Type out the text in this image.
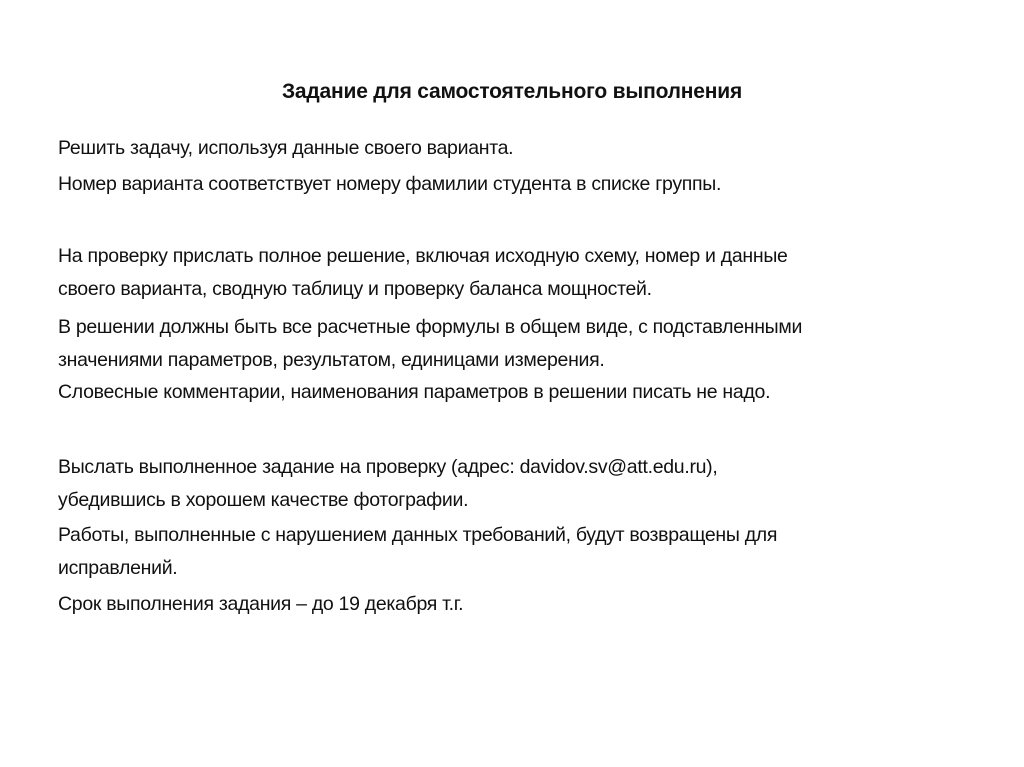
Задание для самостоятельного выполнения
Решить задачу, используя данные своего варианта.
Номер варианта соответствует номеру фамилии студента в списке группы.
На проверку прислать полное решение, включая исходную схему, номер и данные
своего варианта, сводную таблицу и проверку баланса мощностей.
В решении должны быть все расчетные формулы в общем виде, с подставленными
значениями параметров, результатом, единицами измерения.
Словесные комментарии, наименования параметров в решении писать не надо.
Выслать выполненное задание на проверку (адрес: davidov.sv@att.edu.ru),
убедившись в хорошем качестве фотографии.
Работы, выполненные с нарушением данных требований, будут возвращены для
исправлений.
Срок выполнения задания – до 19 декабря т.г.
